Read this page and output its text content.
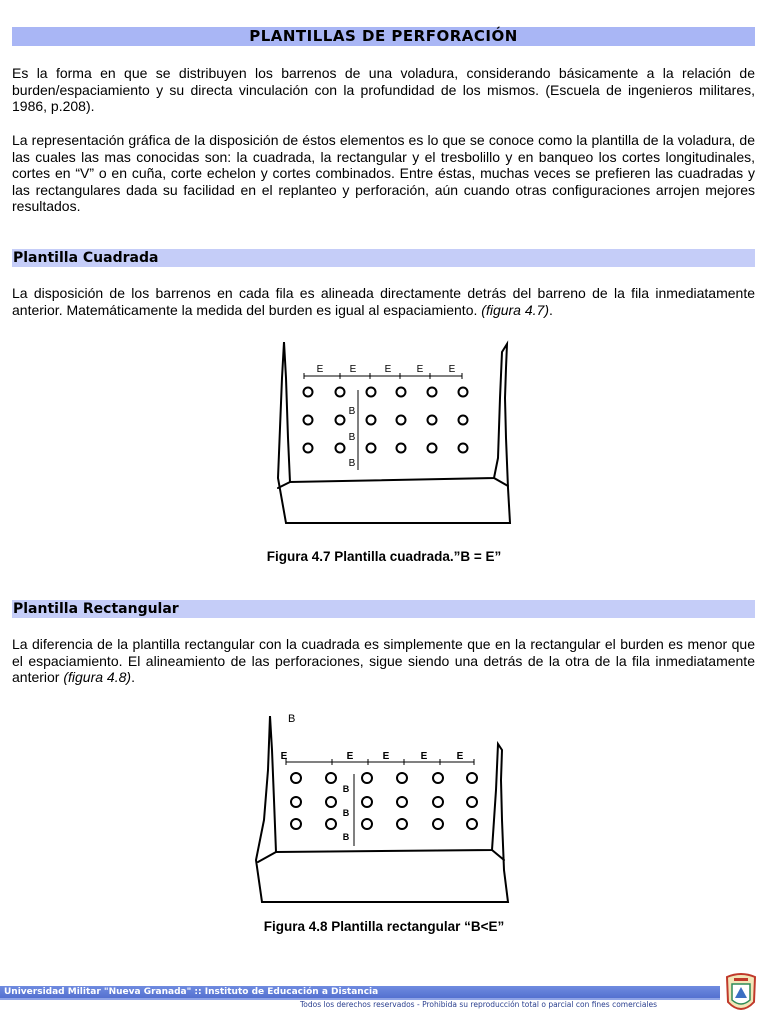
PLANTILLAS DE PERFORACIÓN

Es la forma en que se distribuyen los barrenos de una voladura, considerando básicamente a la relación de burden/espaciamiento y su directa vinculación con la profundidad de los mismos. (Escuela de ingenieros militares, 1986, p.208).

La representación gráfica de la disposición de éstos elementos es lo que se conoce como la plantilla de la voladura, de las cuales las mas conocidas son: la cuadrada, la rectangular y el tresbolillo y en banqueo los cortes longitudinales, cortes en “V” o en cuña, corte echelon y cortes combinados. Entre éstas, muchas veces se prefieren las cuadradas y las rectangulares dada su facilidad en el replanteo y perforación, aún cuando otras configuraciones arrojen mejores resultados.

Plantilla Cuadrada

La disposición de los barrenos en cada fila es alineada directamente detrás del barreno de la fila inmediatamente anterior. Matemáticamente la medida del burden es igual al espaciamiento. (figura 4.7).

E	E	E	E	E
B
B
B
Figura 4.7 Plantilla cuadrada.”B = E”
Plantilla Rectangular

La diferencia de la plantilla rectangular con la cuadrada es simplemente que en la rectangular el burden es menor que el espaciamiento. El alineamiento de las perforaciones, sigue siendo una detrás de la otra de la fila inmediatamente anterior (figura 4.8).

B
E	E	E	E	E
B
B
B
Figura 4.8 Plantilla rectangular “B<E”
Universidad Militar "Nueva Granada" :: Instituto de Educación a Distancia
Todos los derechos reservados - Prohibida su reproducción total o parcial con fines comerciales
